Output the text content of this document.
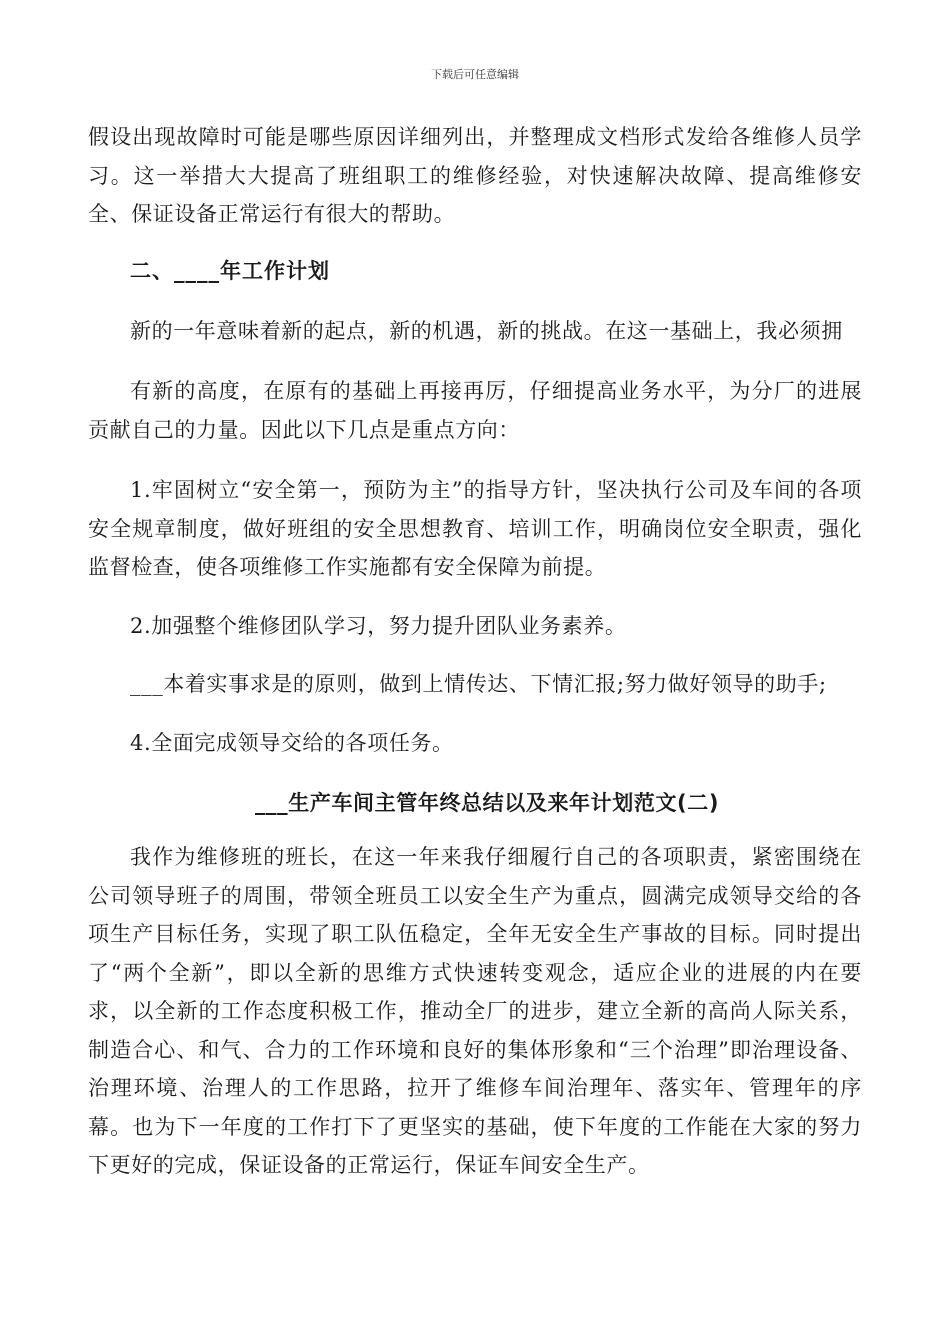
下载后可任意编辑

假设出现故障时可能是哪些原因详细列出，并整理成文档形式发给各维修人员学习。这一举措大大提高了班组职工的维修经验，对快速解决故障、提高维修安全、保证设备正常运行有很大的帮助。

二、____年工作计划

新的一年意味着新的起点，新的机遇，新的挑战。在这一基础上，我必须拥

有新的高度，在原有的基础上再接再厉，仔细提高业务水平，为分厂的进展贡献自己的力量。因此以下几点是重点方向：

1.牢固树立“安全第一，预防为主”的指导方针，坚决执行公司及车间的各项安全规章制度，做好班组的安全思想教育、培训工作，明确岗位安全职责，强化监督检查，使各项维修工作实施都有安全保障为前提。

2.加强整个维修团队学习，努力提升团队业务素养。

___本着实事求是的原则，做到上情传达、下情汇报;努力做好领导的助手;

4.全面完成领导交给的各项任务。

___生产车间主管年终总结以及来年计划范文(二)

我作为维修班的班长，在这一年来我仔细履行自己的各项职责，紧密围绕在公司领导班子的周围，带领全班员工以安全生产为重点，圆满完成领导交给的各项生产目标任务，实现了职工队伍稳定，全年无安全生产事故的目标。同时提出了“两个全新”，即以全新的思维方式快速转变观念，适应企业的进展的内在要求，以全新的工作态度积极工作，推动全厂的进步，建立全新的高尚人际关系，制造合心、和气、合力的工作环境和良好的集体形象和“三个治理”即治理设备、治理环境、治理人的工作思路，拉开了维修车间治理年、落实年、管理年的序幕。也为下一年度的工作打下了更坚实的基础，使下年度的工作能在大家的努力下更好的完成，保证设备的正常运行，保证车间安全生产。
